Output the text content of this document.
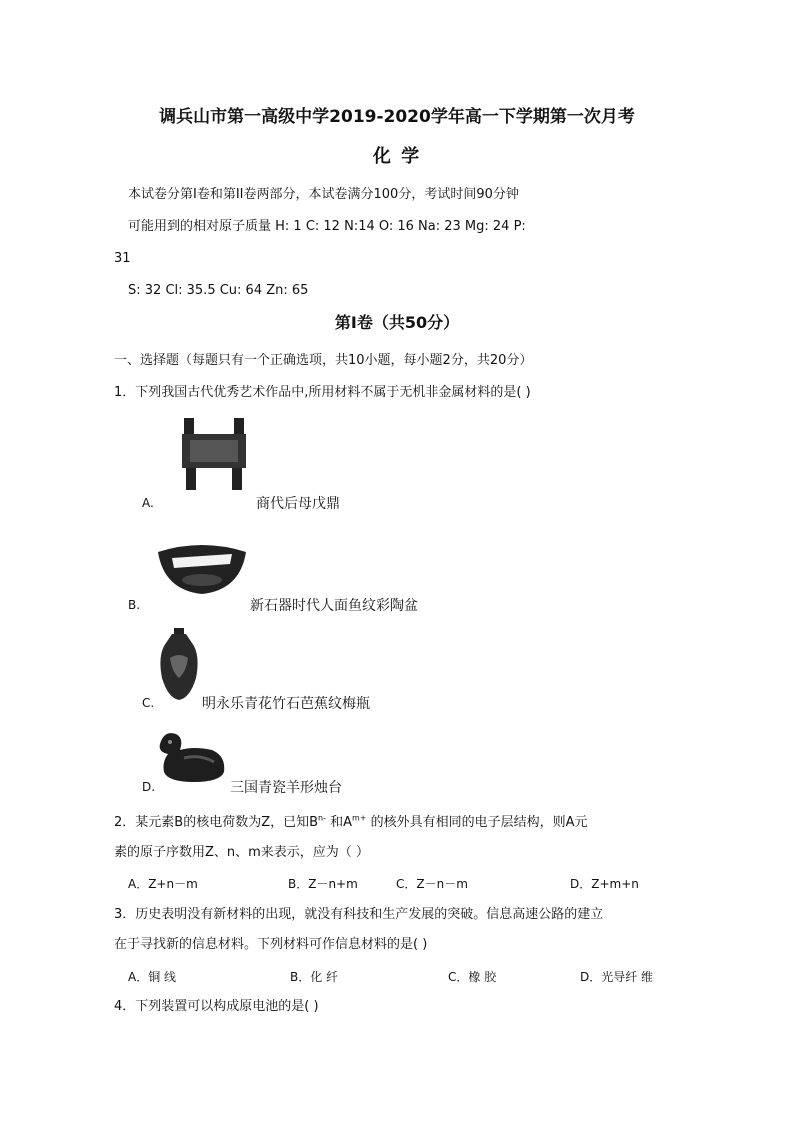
调兵山市第一高级中学2019-2020学年高一下学期第一次月考
化 学
本试卷分第Ⅰ卷和第II卷两部分，本试卷满分100分，考试时间90分钟
可能用到的相对原子质量 H: 1 C: 12 N:14 O: 16 Na: 23 Mg: 24 P:
31
S: 32 Cl: 35.5 Cu: 64 Zn: 65
第Ⅰ卷（共50分）
一、选择题（每题只有一个正确选项，共10小题，每小题2分，共20分）
1．下列我国古代优秀艺术作品中,所用材料不属于无机非金属材料的是( )
A.	商代后母戊鼎
B.	新石器时代人面鱼纹彩陶盆
C.	明永乐青花竹石芭蕉纹梅瓶
D.	三国青瓷羊形烛台
2．某元素B的核电荷数为Z，已知$B^{n-}$ 和$A^{m+}$ 的核外具有相同的电子层结构，则A元
素的原子序数用Z、n、m来表示，应为（ ）
A．Z+n－m	B．Z－n+m	C．Z－n－m	D．Z+m+n
3．历史表明没有新材料的出现，就没有科技和生产发展的突破。信息高速公路的建立
在于寻找新的信息材料。下列材料可作信息材料的是( )
A．铜 线	B．化 纤	C．橡 胶	D．光导纤 维
4．下列装置可以构成原电池的是( )
